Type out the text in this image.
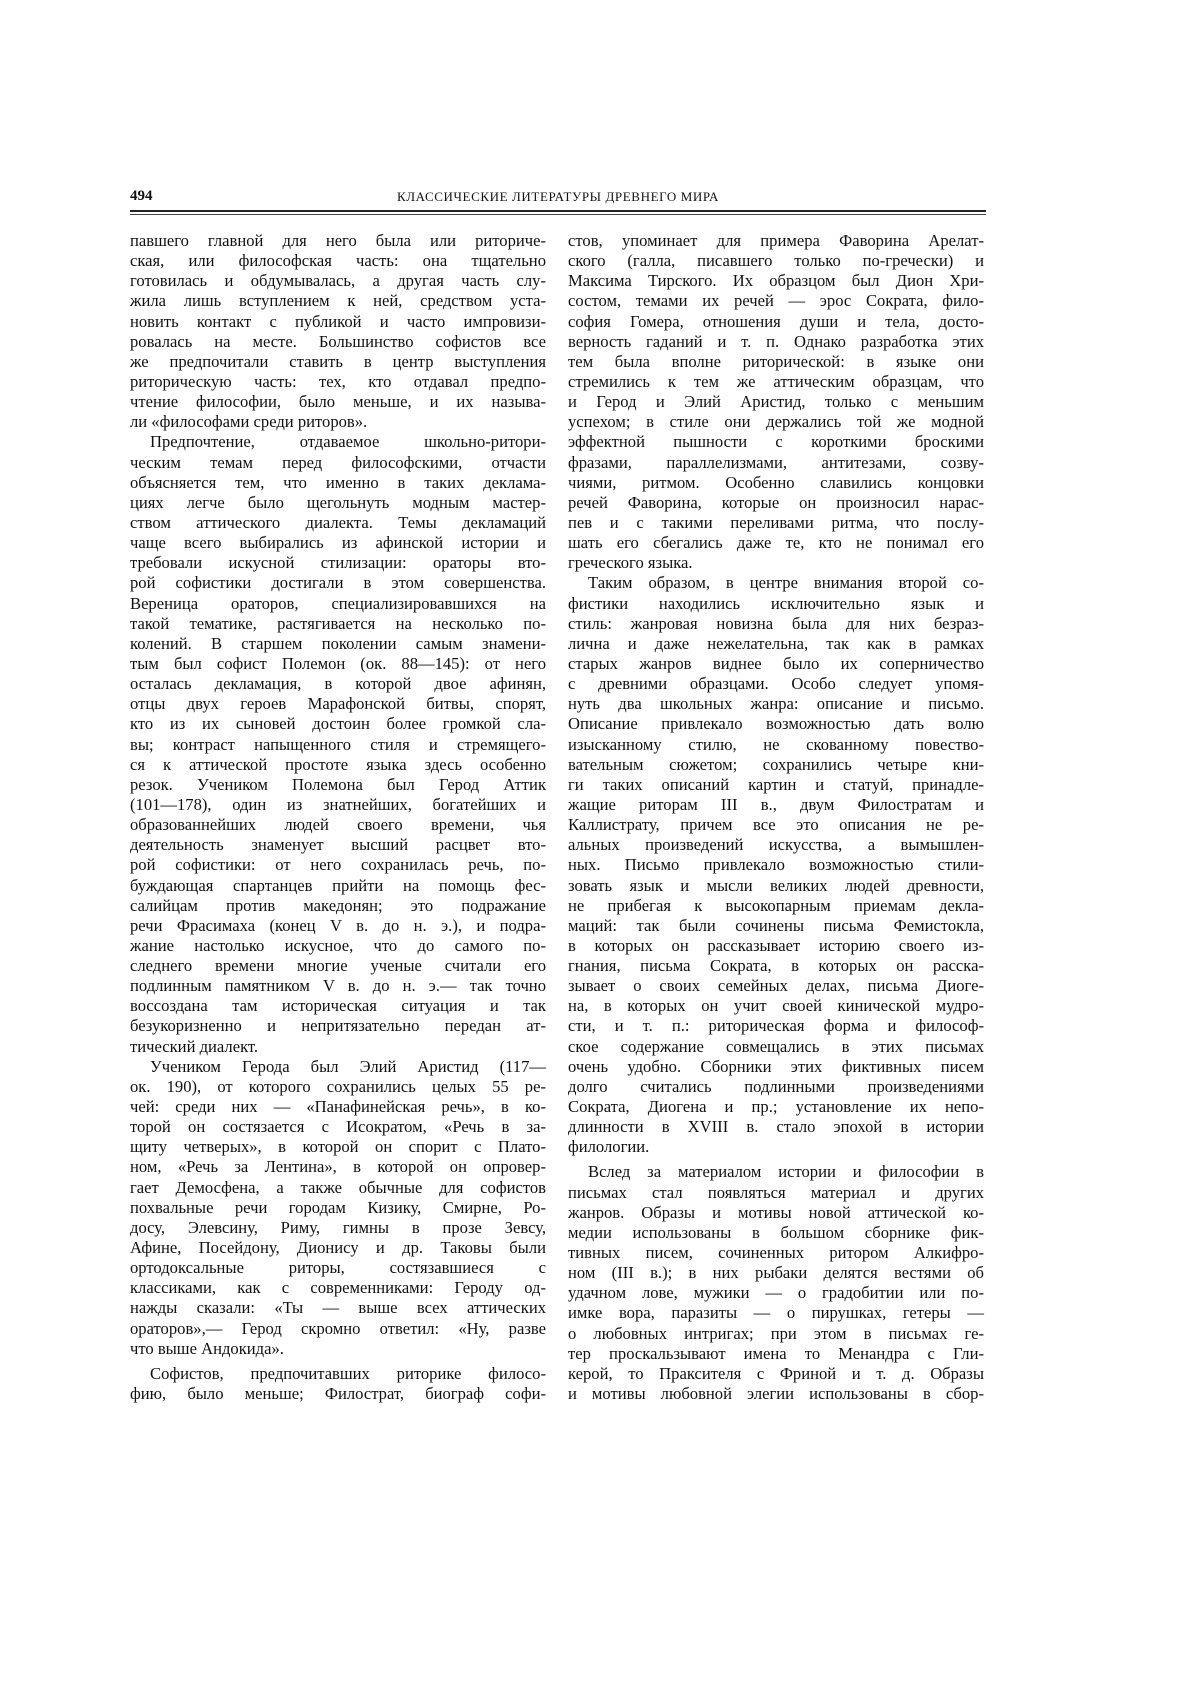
494	КЛАССИЧЕСКИЕ ЛИТЕРАТУРЫ ДРЕВНЕГО МИРА
павшего главной для него была или риториче-
ская, или философская часть: она тщательно
готовилась и обдумывалась, а другая часть слу-
жила лишь вступлением к ней, средством уста-
новить контакт с публикой и часто импровизи-
ровалась на месте. Большинство софистов все
же предпочитали ставить в центр выступления
риторическую часть: тех, кто отдавал предпо-
чтение философии, было меньше, и их называ-
ли «философами среди риторов».
Предпочтение, отдаваемое школьно-ритори-
ческим темам перед философскими, отчасти
объясняется тем, что именно в таких деклама-
циях легче было щегольнуть модным мастер-
ством аттического диалекта. Темы декламаций
чаще всего выбирались из афинской истории и
требовали искусной стилизации: ораторы вто-
рой софистики достигали в этом совершенства.
Вереница ораторов, специализировавшихся на
такой тематике, растягивается на несколько по-
колений. В старшем поколении самым знамени-
тым был софист Полемон (ок. 88—145): от него
осталась декламация, в которой двое афинян,
отцы двух героев Марафонской битвы, спорят,
кто из их сыновей достоин более громкой сла-
вы; контраст напыщенного стиля и стремящего-
ся к аттической простоте языка здесь особенно
резок. Учеником Полемона был Герод Аттик
(101—178), один из знатнейших, богатейших и
образованнейших людей своего времени, чья
деятельность знаменует высший расцвет вто-
рой софистики: от него сохранилась речь, по-
буждающая спартанцев прийти на помощь фес-
салийцам против македонян; это подражание
речи Фрасимаха (конец V в. до н. э.), и подра-
жание настолько искусное, что до самого по-
следнего времени многие ученые считали его
подлинным памятником V в. до н. э.— так точно
воссоздана там историческая ситуация и так
безукоризненно и непритязательно передан ат-
тический диалект.
Учеником Герода был Элий Аристид (117—
ок. 190), от которого сохранились целых 55 ре-
чей: среди них — «Панафинейская речь», в ко-
торой он состязается с Исократом, «Речь в за-
щиту четверых», в которой он спорит с Плато-
ном, «Речь за Лентина», в которой он опровер-
гает Демосфена, а также обычные для софистов
похвальные речи городам Кизику, Смирне, Ро-
досу, Элевсину, Риму, гимны в прозе Зевсу,
Афине, Посейдону, Дионису и др. Таковы были
ортодоксальные риторы, состязавшиеся с
классиками, как с современниками: Героду од-
нажды сказали: «Ты — выше всех аттических
ораторов»,— Герод скромно ответил: «Ну, разве
что выше Андокида».
Софистов, предпочитавших риторике филосо-
фию, было меньше; Филострат, биограф софи-
стов, упоминает для примера Фаворина Арелат-
ского (галла, писавшего только по-гречески) и
Максима Тирского. Их образцом был Дион Хри-
состом, темами их речей — эрос Сократа, фило-
софия Гомера, отношения души и тела, досто-
верность гаданий и т. п. Однако разработка этих
тем была вполне риторической: в языке они
стремились к тем же аттическим образцам, что
и Герод и Элий Аристид, только с меньшим
успехом; в стиле они держались той же модной
эффектной пышности с короткими броскими
фразами, параллелизмами, антитезами, созву-
чиями, ритмом. Особенно славились концовки
речей Фаворина, которые он произносил нарас-
пев и с такими переливами ритма, что послу-
шать его сбегались даже те, кто не понимал его
греческого языка.
Таким образом, в центре внимания второй со-
фистики находились исключительно язык и
стиль: жанровая новизна была для них безраз-
лична и даже нежелательна, так как в рамках
старых жанров виднее было их соперничество
с древними образцами. Особо следует упомя-
нуть два школьных жанра: описание и письмо.
Описание привлекало возможностью дать волю
изысканному стилю, не скованному повество-
вательным сюжетом; сохранились четыре кни-
ги таких описаний картин и статуй, принадле-
жащие риторам III в., двум Филостратам и
Каллистрату, причем все это описания не ре-
альных произведений искусства, а вымышлен-
ных. Письмо привлекало возможностью стили-
зовать язык и мысли великих людей древности,
не прибегая к высокопарным приемам декла-
маций: так были сочинены письма Фемистокла,
в которых он рассказывает историю своего из-
гнания, письма Сократа, в которых он расска-
зывает о своих семейных делах, письма Диоге-
на, в которых он учит своей кинической мудро-
сти, и т. п.: риторическая форма и философ-
ское содержание совмещались в этих письмах
очень удобно. Сборники этих фиктивных писем
долго считались подлинными произведениями
Сократа, Диогена и пр.; установление их непо-
длинности в XVIII в. стало эпохой в истории
филологии.
Вслед за материалом истории и философии в
письмах стал появляться материал и других
жанров. Образы и мотивы новой аттической ко-
медии использованы в большом сборнике фик-
тивных писем, сочиненных ритором Алкифро-
ном (III в.); в них рыбаки делятся вестями об
удачном лове, мужики — о градобитии или по-
имке вора, паразиты — о пирушках, гетеры —
о любовных интригах; при этом в письмах ге-
тер проскальзывают имена то Менандра с Гли-
керой, то Праксителя с Фриной и т. д. Образы
и мотивы любовной элегии использованы в сбор-
